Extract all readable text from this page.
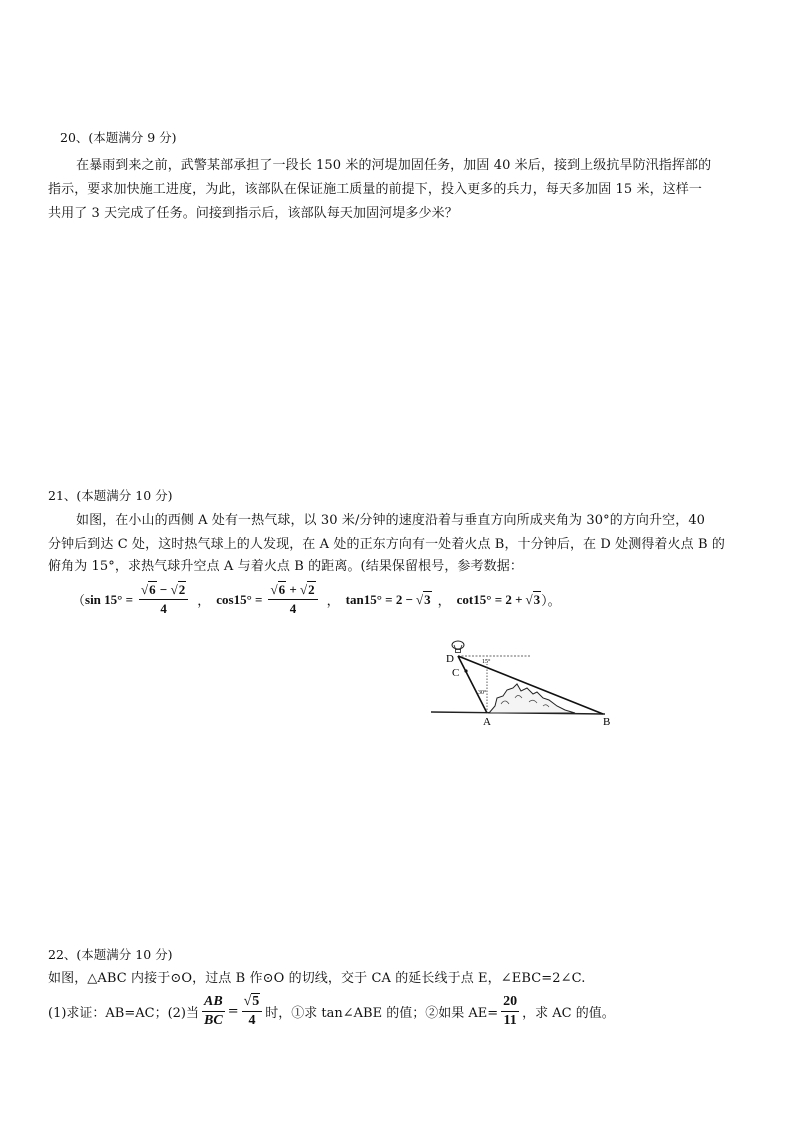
20、(本题满分 9 分)
在暴雨到来之前，武警某部承担了一段长 150 米的河堤加固任务，加固 40 米后，接到上级抗旱防汛指挥部的
指示，要求加快施工进度，为此，该部队在保证施工质量的前提下，投入更多的兵力，每天多加固 15 米，这样一
共用了 3 天完成了任务。问接到指示后，该部队每天加固河堤多少米？
21、(本题满分 10 分)
如图，在小山的西侧 A 处有一热气球，以 30 米/分钟的速度沿着与垂直方向所成夹角为 30°的方向升空，40
分钟后到达 C 处，这时热气球上的人发现，在 A 处的正东方向有一处着火点 B，十分钟后，在 D 处测得着火点 B 的
俯角为 15°，求热气球升空点 A 与着火点 B 的距离。(结果保留根号，参考数据：
（ $\sin 15^\circ = \frac{√6 - √2}{4}$ ， $\cos 15^\circ = \frac{√6 + √2}{4}$ ， tan15° = 2 − √3 ， cot15° = 2 + √3 ）。
D
C
A	B
15°
30°
22、(本题满分 10 分)
如图，△ABC 内接于⊙O，过点 B 作⊙O 的切线，交于 CA 的延长线于点 E，∠EBC=2∠C.
(1)求证：AB=AC；(2)当 $\frac{AB}{BC} = \frac{√5}{4}$ 时，①求 tan∠ABE 的值；②如果 $AE= \frac{20}{11}$ ，求 AC 的值。
